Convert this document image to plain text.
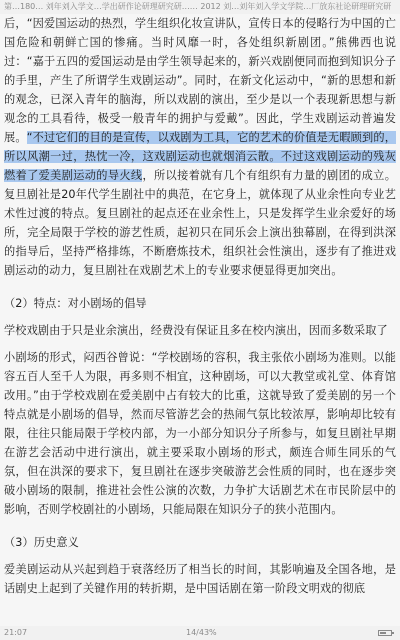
第…180… 刘年刘入学文…学出研作论研理研究研…… 2012 刘…刘年刘入学文学院…厂放东社论研理研究研

后，“因爱国运动的热烈，学生组织化妆宣讲队，宣传日本的侵略行为中国的亡国危险和朝鲜亡国的惨痛。当时风靡一时，各处组织新剧团。”熊佛西也说过：“嘉于五四的爱国运动是由学生领导起来的，新兴戏剧便同而抱到知识分子的手里，产生了所谓学生戏剧运动”。同时，在新文化运动中，“新的思想和新的观念，已深入青年的脑海，所以戏剧的演出，至少是以一个表现新思想与新观念的工具看待，极受一般青年的拥护与爱戴”。因此，学生戏剧运动普遍发展。“不过它们的目的是宣传，以戏剧为工具，它的艺术的价值是无暇顾到的，所以风潮一过，热忱一冷，这戏剧运动也就烟消云散。不过这戏剧运动的残灰燃着了爱美剧运动的导火线，所以接着就有几个有组织有力量的剧团的成立。复旦剧社是20年代学生剧社中的典范，在它身上，就体现了从业余性向专业艺术性过渡的特点。复旦剧社的起点还在业余性上，只是发挥学生业余爱好的场所，完全局限于学校的游艺性质，起初只在同乐会上演出独幕剧，在得到洪深的指导后，坚持严格排练，不断磨炼技术，组织社会性演出，逐步有了推进戏剧运动的动力，复旦剧社在戏剧艺术上的专业要求便显得更加突出。

（2）特点：对小剧场的倡导

学校戏剧由于只是业余演出，经费没有保证且多在校内演出，因而多数采取了

小剧场的形式，闷西谷曾说：“学校剧场的容积，我主张依小剧场为准则。以能容五百人至千人为限，再多则不相宜，这种剧场，可以大教堂或礼堂、体育馆改用。”由于学校戏剧在爱美剧中占有较大的比重，这就导致了爱美剧的另一个特点就是小剧场的倡导，然而尽管游艺会的热闹气氛比较浓厚，影响却比较有限，往往只能局限于学校内部，为一小部分知识分子所参与，如复旦剧社早期在游艺会活动中进行演出，就主要采取小剧场的形式，颇连合师生同乐的气氛，但在洪深的要求下，复旦剧社在逐步突破游艺会性质的同时，也在逐步突破小剧场的限制，推进社会性公演的次数，力争扩大话剧艺术在市民阶层中的影响，否则学校剧社的小剧场，只能局限在知识分子的狭小范围内。

（3）历史意义

爱美剧运动从兴起到趋于衰落经历了相当长的时间，其影响遍及全国各地，是话剧史上起到了关键作用的转折期，是中国话剧在第一阶段文明戏的彻底

21:07	14/43%
